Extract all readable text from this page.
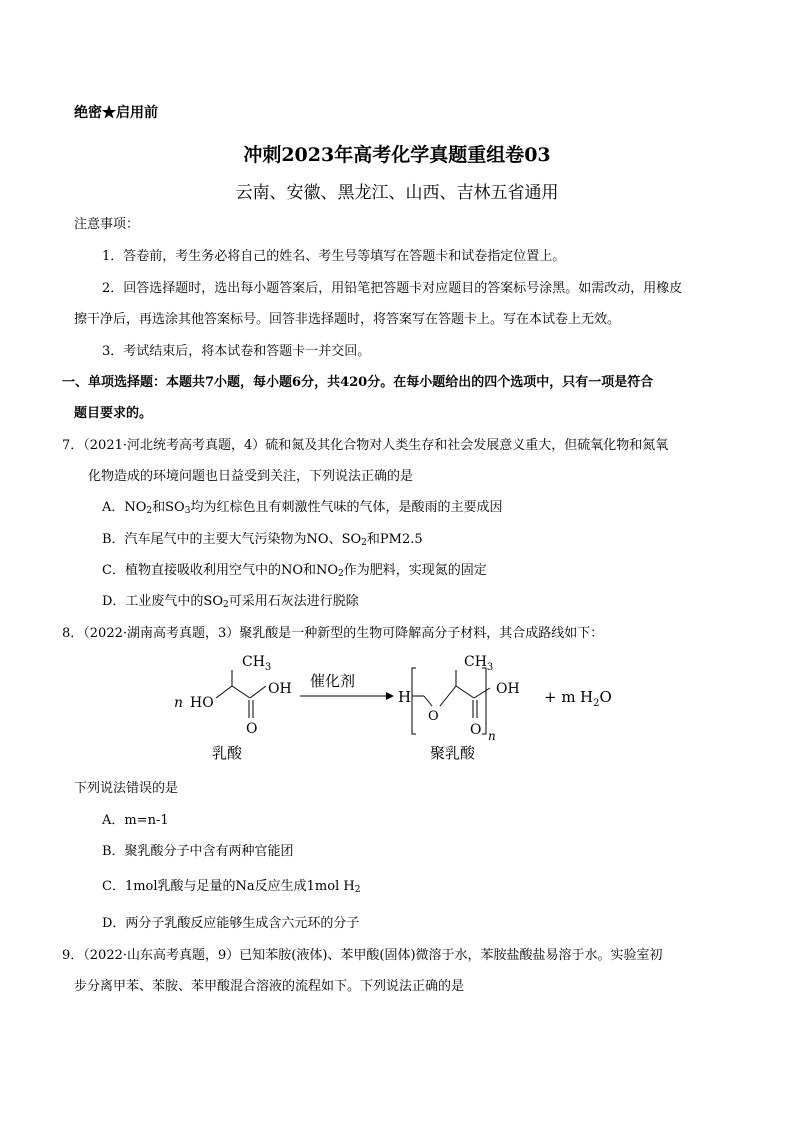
绝密★启用前
冲刺2023年高考化学真题重组卷03
云南、安徽、黑龙江、山西、吉林五省通用
注意事项：
1．答卷前，考生务必将自己的姓名、考生号等填写在答题卡和试卷指定位置上。
2．回答选择题时，选出每小题答案后，用铅笔把答题卡对应题目的答案标号涂黑。如需改动，用橡皮
擦干净后，再选涂其他答案标号。回答非选择题时，将答案写在答题卡上。写在本试卷上无效。
3．考试结束后，将本试卷和答题卡一并交回。
一、单项选择题：本题共7小题，每小题6分，共420分。在每小题给出的四个选项中，只有一项是符合
题目要求的。
7．（2021·河北统考高考真题，4）硫和氮及其化合物对人类生存和社会发展意义重大，但硫氧化物和氮氧
化物造成的环境问题也日益受到关注，下列说法正确的是
A．$NO_2$和$SO_3$均为红棕色且有刺激性气味的气体，是酸雨的主要成因
B．汽车尾气中的主要大气污染物为NO、$SO_2$和PM2.5
C．植物直接吸收利用空气中的NO和$NO_2$作为肥料，实现氮的固定
D．工业废气中的$SO_2$可采用石灰法进行脱除
8．（2022·湖南高考真题，3）聚乳酸是一种新型的生物可降解高分子材料，其合成路线如下：
$CH_3$
n HO
OH
O
催化剂
H
O
$CH_3$
O n
OH + m $H_2O$
乳酸	聚乳酸
下列说法错误的是
A．m=n-1
B．聚乳酸分子中含有两种官能团
C．1mol乳酸与足量的Na反应生成1mol $H_2$
D．两分子乳酸反应能够生成含六元环的分子
9．（2022·山东高考真题，9）已知苯胺(液体)、苯甲酸(固体)微溶于水，苯胺盐酸盐易溶于水。实验室初
步分离甲苯、苯胺、苯甲酸混合溶液的流程如下。下列说法正确的是
